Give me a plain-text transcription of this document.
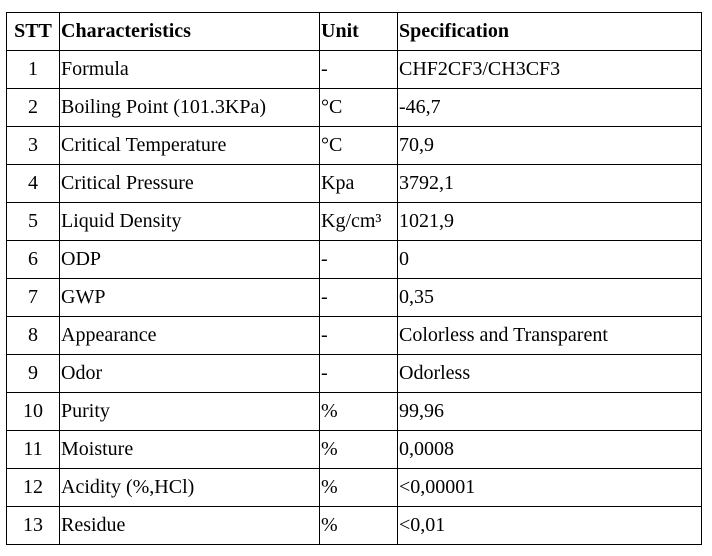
STT	Characteristics	Unit	Specification
1	Formula	-	CHF2CF3/CH3CF3
2	Boiling Point (101.3KPa)	°C	-46,7
3	Critical Temperature	°C	70,9
4	Critical Pressure	Kpa	3792,1
5	Liquid Density	Kg/cm³	1021,9
6	ODP	-	0
7	GWP	-	0,35
8	Appearance	-	Colorless and Transparent
9	Odor	-	Odorless
10	Purity	%	99,96
11	Moisture	%	0,0008
12	Acidity (%,HCl)	%	<0,00001
13	Residue	%	<0,01
